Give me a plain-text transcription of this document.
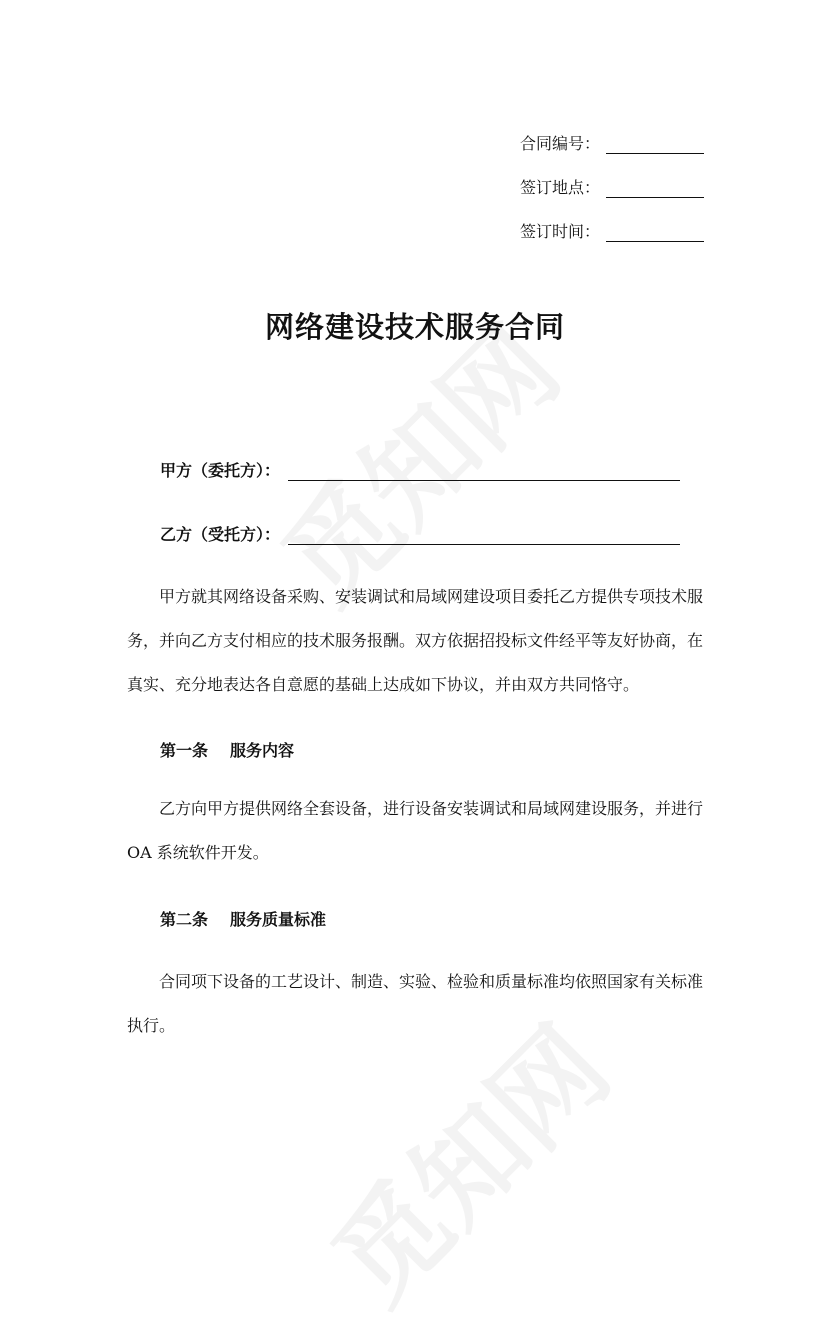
合同编号：
签订地点：
签订时间：
网络建设技术服务合同
甲方（委托方）：
乙方（受托方）：

甲方就其网络设备采购、安装调试和局域网建设项目委托乙方提供专项技术服务，并向乙方支付相应的技术服务报酬。双方依据招投标文件经平等友好协商，在真实、充分地表达各自意愿的基础上达成如下协议，并由双方共同恪守。

第一条 服务内容

乙方向甲方提供网络全套设备，进行设备安装调试和局域网建设服务，并进行 OA 系统软件开发。

第二条 服务质量标准

合同项下设备的工艺设计、制造、实验、检验和质量标准均依照国家有关标准执行。
